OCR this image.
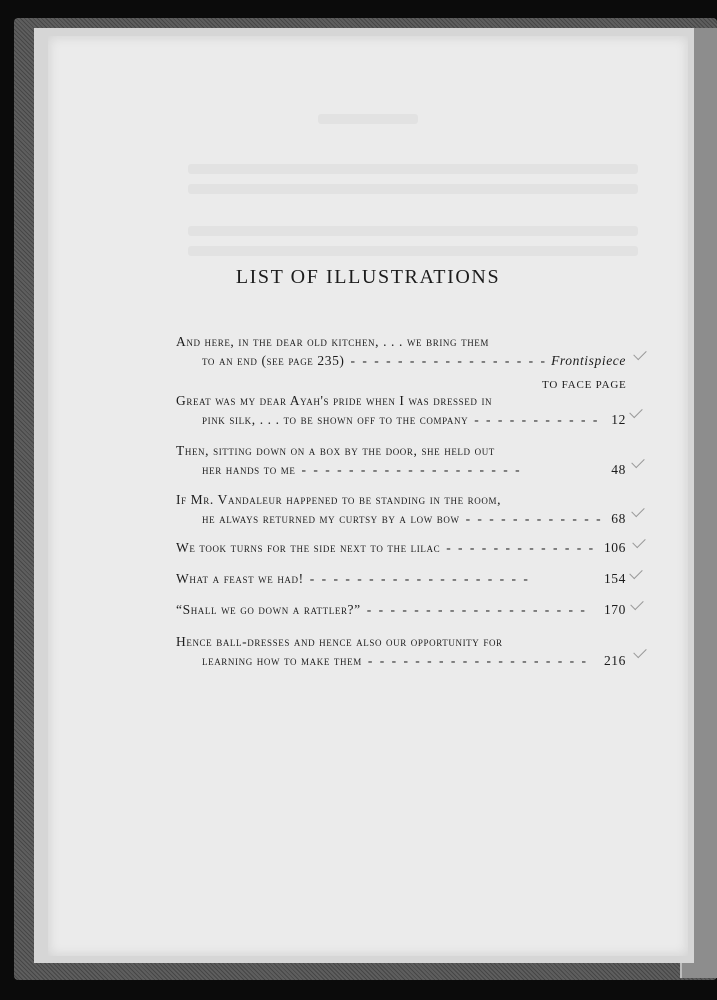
LIST OF ILLUSTRATIONS
And here, in the dear old kitchen, . . . we bring them
to an end (see page 235) - -	Frontispiece
TO FACE PAGE
Great was my dear Ayah's pride when I was dressed in
pink silk, . . . to be shown off to the company - -	12
Then, sitting down on a box by the door, she held out
her hands to me - -	48
If Mr. Vandaleur happened to be standing in the room,
he always returned my curtsy by a low bow - -	68
We took turns for the side next to the lilac - -	106
What a feast we had! - -	154
“Shall we go down a rattler?” - -	170
Hence ball-dresses and hence also our opportunity for
learning how to make them - -	216
